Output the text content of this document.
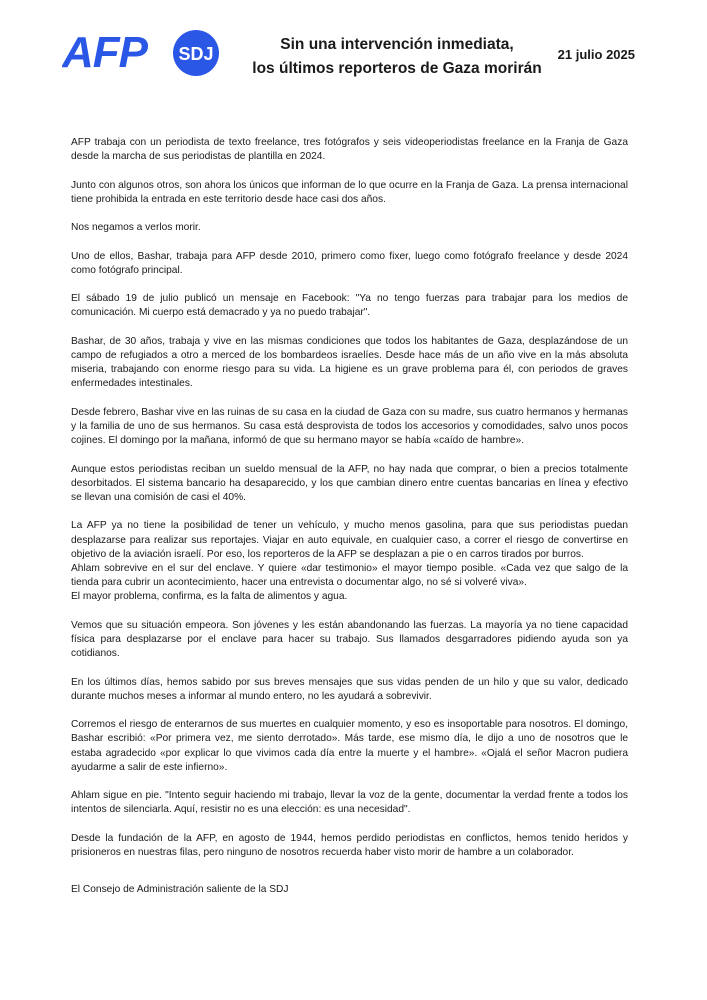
AFP SDJ	Sin una intervención inmediata,
los últimos reporteros de Gaza morirán
21 julio 2025

AFP trabaja con un periodista de texto freelance, tres fotógrafos y seis videoperiodistas freelance en la Franja de Gaza desde la marcha de sus periodistas de plantilla en 2024.

Junto con algunos otros, son ahora los únicos que informan de lo que ocurre en la Franja de Gaza. La prensa internacional tiene prohibida la entrada en este territorio desde hace casi dos años.

Nos negamos a verlos morir.

Uno de ellos, Bashar, trabaja para AFP desde 2010, primero como fixer, luego como fotógrafo freelance y desde 2024 como fotógrafo principal.

El sábado 19 de julio publicó un mensaje en Facebook: "Ya no tengo fuerzas para trabajar para los medios de comunicación. Mi cuerpo está demacrado y ya no puedo trabajar".

Bashar, de 30 años, trabaja y vive en las mismas condiciones que todos los habitantes de Gaza, desplazándose de un campo de refugiados a otro a merced de los bombardeos israelíes. Desde hace más de un año vive en la más absoluta miseria, trabajando con enorme riesgo para su vida. La higiene es un grave problema para él, con periodos de graves enfermedades intestinales.

Desde febrero, Bashar vive en las ruinas de su casa en la ciudad de Gaza con su madre, sus cuatro hermanos y hermanas y la familia de uno de sus hermanos. Su casa está desprovista de todos los accesorios y comodidades, salvo unos pocos cojines. El domingo por la mañana, informó de que su hermano mayor se había «caído de hambre».

Aunque estos periodistas reciban un sueldo mensual de la AFP, no hay nada que comprar, o bien a precios totalmente desorbitados. El sistema bancario ha desaparecido, y los que cambian dinero entre cuentas bancarias en línea y efectivo se llevan una comisión de casi el 40%.

La AFP ya no tiene la posibilidad de tener un vehículo, y mucho menos gasolina, para que sus periodistas puedan desplazarse para realizar sus reportajes. Viajar en auto equivale, en cualquier caso, a correr el riesgo de convertirse en objetivo de la aviación israelí. Por eso, los reporteros de la AFP se desplazan a pie o en carros tirados por burros.

Ahlam sobrevive en el sur del enclave. Y quiere «dar testimonio» el mayor tiempo posible. «Cada vez que salgo de la tienda para cubrir un acontecimiento, hacer una entrevista o documentar algo, no sé si volveré viva».

El mayor problema, confirma, es la falta de alimentos y agua.

Vemos que su situación empeora. Son jóvenes y les están abandonando las fuerzas. La mayoría ya no tiene capacidad física para desplazarse por el enclave para hacer su trabajo. Sus llamados desgarradores pidiendo ayuda son ya cotidianos.

En los últimos días, hemos sabido por sus breves mensajes que sus vidas penden de un hilo y que su valor, dedicado durante muchos meses a informar al mundo entero, no les ayudará a sobrevivir.

Corremos el riesgo de enterarnos de sus muertes en cualquier momento, y eso es insoportable para nosotros. El domingo, Bashar escribió: «Por primera vez, me siento derrotado». Más tarde, ese mismo día, le dijo a uno de nosotros que le estaba agradecido «por explicar lo que vivimos cada día entre la muerte y el hambre». «Ojalá el señor Macron pudiera ayudarme a salir de este infierno».

Ahlam sigue en pie. "Intento seguir haciendo mi trabajo, llevar la voz de la gente, documentar la verdad frente a todos los intentos de silenciarla. Aquí, resistir no es una elección: es una necesidad".

Desde la fundación de la AFP, en agosto de 1944, hemos perdido periodistas en conflictos, hemos tenido heridos y prisioneros en nuestras filas, pero ninguno de nosotros recuerda haber visto morir de hambre a un colaborador.

El Consejo de Administración saliente de la SDJ
